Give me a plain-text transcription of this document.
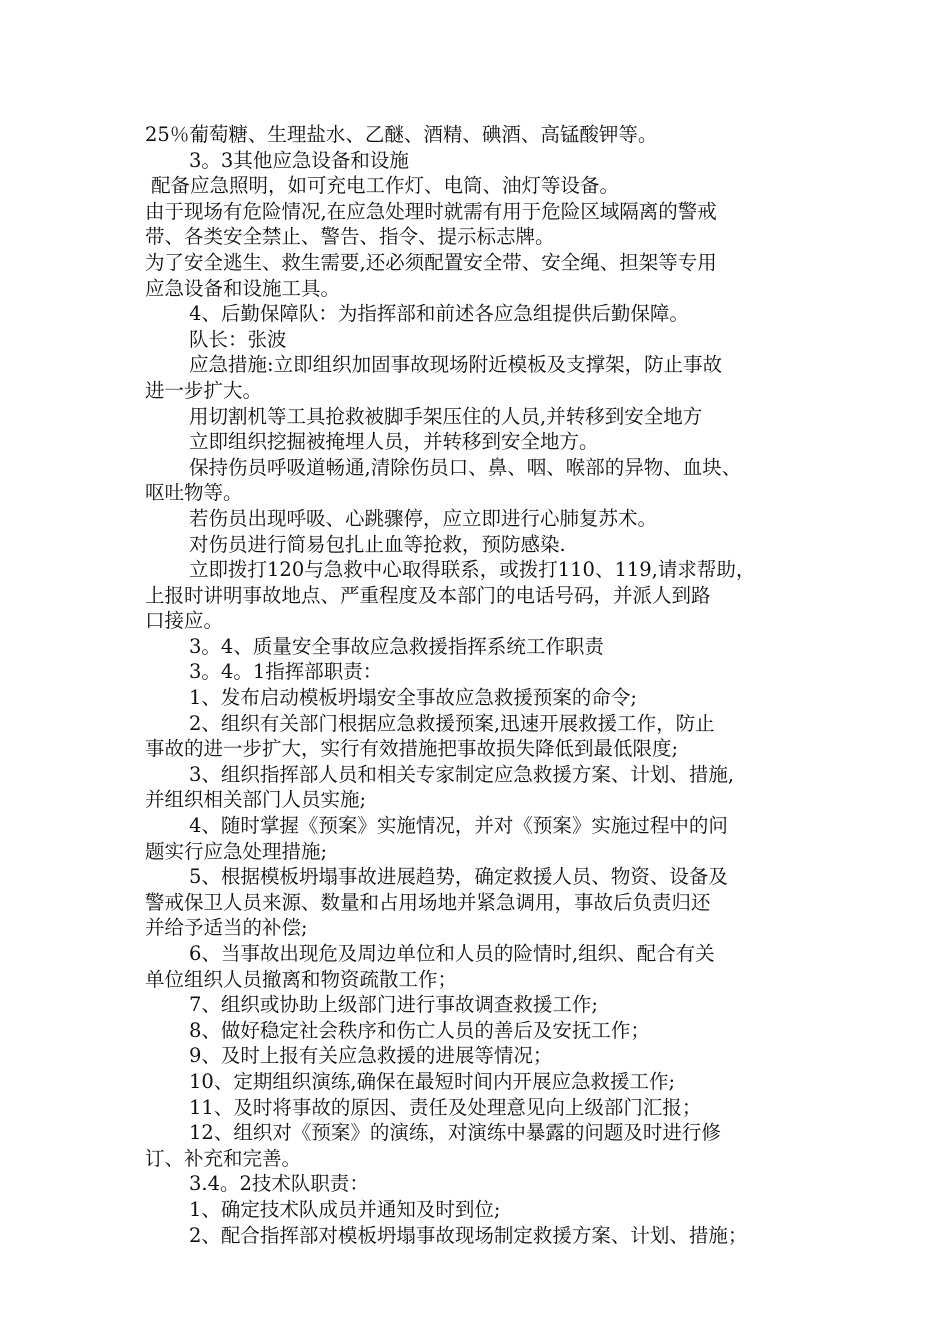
25％葡萄糖、生理盐水、乙醚、酒精、碘酒、高锰酸钾等。
3。3其他应急设备和设施
配备应急照明，如可充电工作灯、电筒、油灯等设备。
由于现场有危险情况,在应急处理时就需有用于危险区域隔离的警戒
带、各类安全禁止、警告、指令、提示标志牌。
为了安全逃生、救生需要,还必须配置安全带、安全绳、担架等专用
应急设备和设施工具。
4、后勤保障队：为指挥部和前述各应急组提供后勤保障。
队长：张波
应急措施:立即组织加固事故现场附近模板及支撑架，防止事故
进一步扩大。
用切割机等工具抢救被脚手架压住的人员,并转移到安全地方
立即组织挖掘被掩埋人员，并转移到安全地方。
保持伤员呼吸道畅通,清除伤员口、鼻、咽、喉部的异物、血块、
呕吐物等。
若伤员出现呼吸、心跳骤停，应立即进行心肺复苏术。
对伤员进行简易包扎止血等抢救，预防感染.
立即拨打120与急救中心取得联系，或拨打110、119,请求帮助，
上报时讲明事故地点、严重程度及本部门的电话号码，并派人到路
口接应。
3。4、质量安全事故应急救援指挥系统工作职责
3。4。1指挥部职责：
1、发布启动模板坍塌安全事故应急救援预案的命令;
2、组织有关部门根据应急救援预案,迅速开展救援工作，防止
事故的进一步扩大，实行有效措施把事故损失降低到最低限度;
3、组织指挥部人员和相关专家制定应急救援方案、计划、措施,
并组织相关部门人员实施;
4、随时掌握《预案》实施情况，并对《预案》实施过程中的问
题实行应急处理措施;
5、根据模板坍塌事故进展趋势，确定救援人员、物资、设备及
警戒保卫人员来源、数量和占用场地并紧急调用，事故后负责归还
并给予适当的补偿;
6、当事故出现危及周边单位和人员的险情时,组织、配合有关
单位组织人员撤离和物资疏散工作；
7、组织或协助上级部门进行事故调查救援工作;
8、做好稳定社会秩序和伤亡人员的善后及安抚工作；
9、及时上报有关应急救援的进展等情况；
10、定期组织演练,确保在最短时间内开展应急救援工作;
11、及时将事故的原因、责任及处理意见向上级部门汇报；
12、组织对《预案》的演练，对演练中暴露的问题及时进行修
订、补充和完善。
3.4。2技术队职责：
1、确定技术队成员并通知及时到位;
2、配合指挥部对模板坍塌事故现场制定救援方案、计划、措施；
